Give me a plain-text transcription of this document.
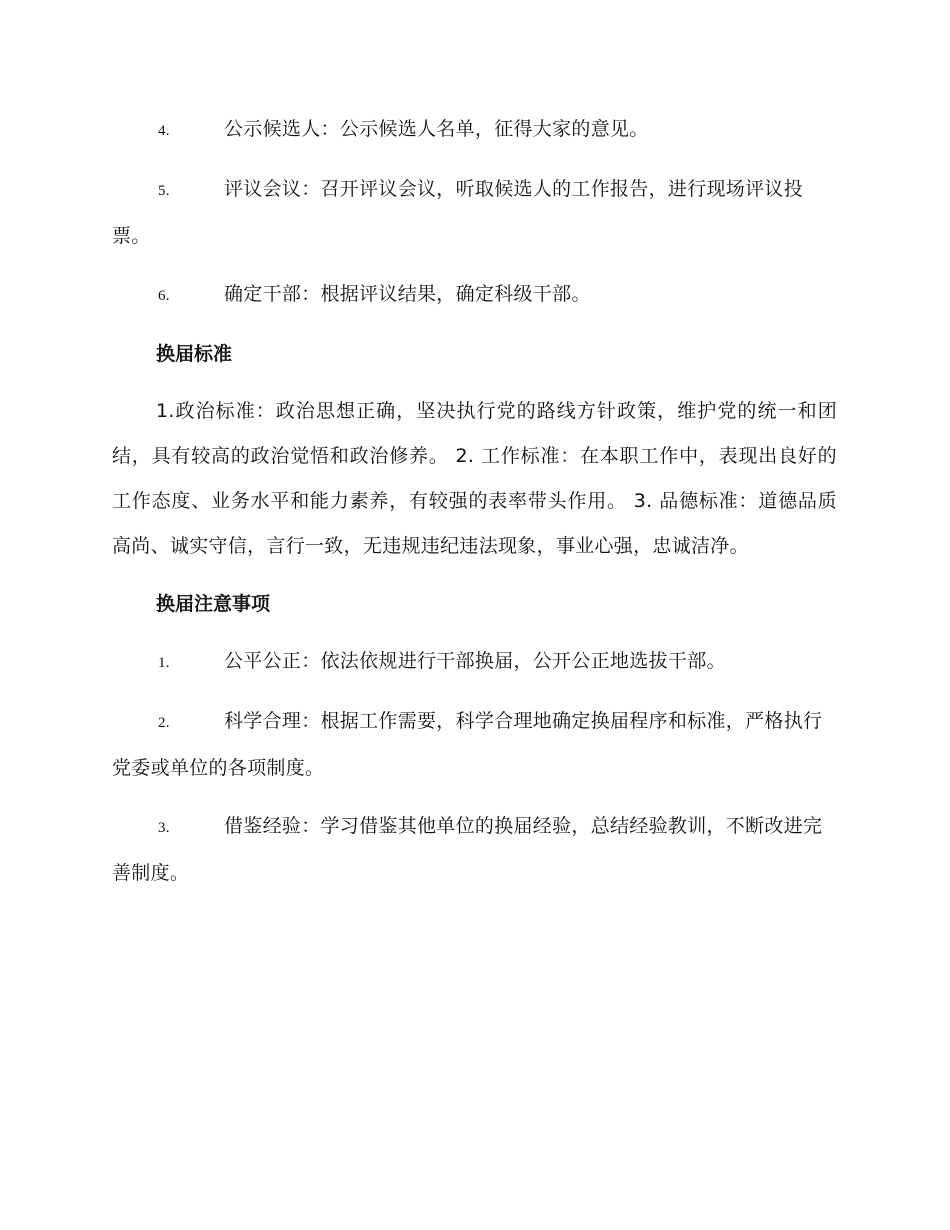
4.	公示候选人：公示候选人名单，征得大家的意见。

5.	评议会议：召开评议会议，听取候选人的工作报告，进行现场评议投票。

6.	确定干部：根据评议结果，确定科级干部。

换届标准

1.政治标准：政治思想正确，坚决执行党的路线方针政策，维护党的统一和团结，具有较高的政治觉悟和政治修养。 2. 工作标准：在本职工作中，表现出良好的工作态度、业务水平和能力素养，有较强的表率带头作用。 3. 品德标准：道德品质高尚、诚实守信，言行一致，无违规违纪违法现象，事业心强，忠诚洁净。

换届注意事项

1.	公平公正：依法依规进行干部换届，公开公正地选拔干部。

2.	科学合理：根据工作需要，科学合理地确定换届程序和标准，严格执行党委或单位的各项制度。

3.	借鉴经验：学习借鉴其他单位的换届经验，总结经验教训，不断改进完善制度。
